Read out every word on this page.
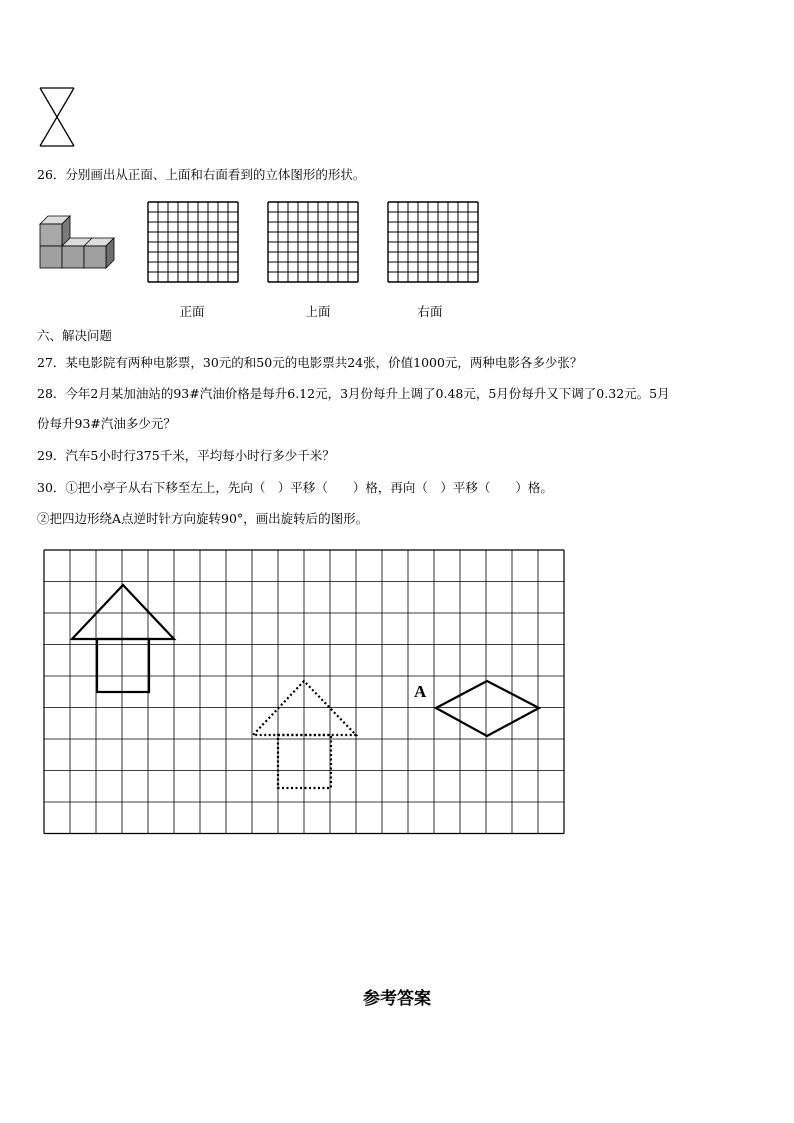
26．分别画出从正面、上面和右面看到的立体图形的形状。
正面	上面	右面
六、解决问题
27．某电影院有两种电影票，30元的和50元的电影票共24张，价值1000元，两种电影各多少张？
28．今年2月某加油站的93#汽油价格是每升6.12元，3月份每升上调了0.48元，5月份每升又下调了0.32元。5月
份每升93#汽油多少元？
29．汽车5小时行375千米，平均每小时行多少千米？
30．①把小亭子从右下移至左上，先向（　）平移（　　）格，再向（　）平移（　　）格。
②把四边形绕A点逆时针方向旋转90°，画出旋转后的图形。
A
参考答案
